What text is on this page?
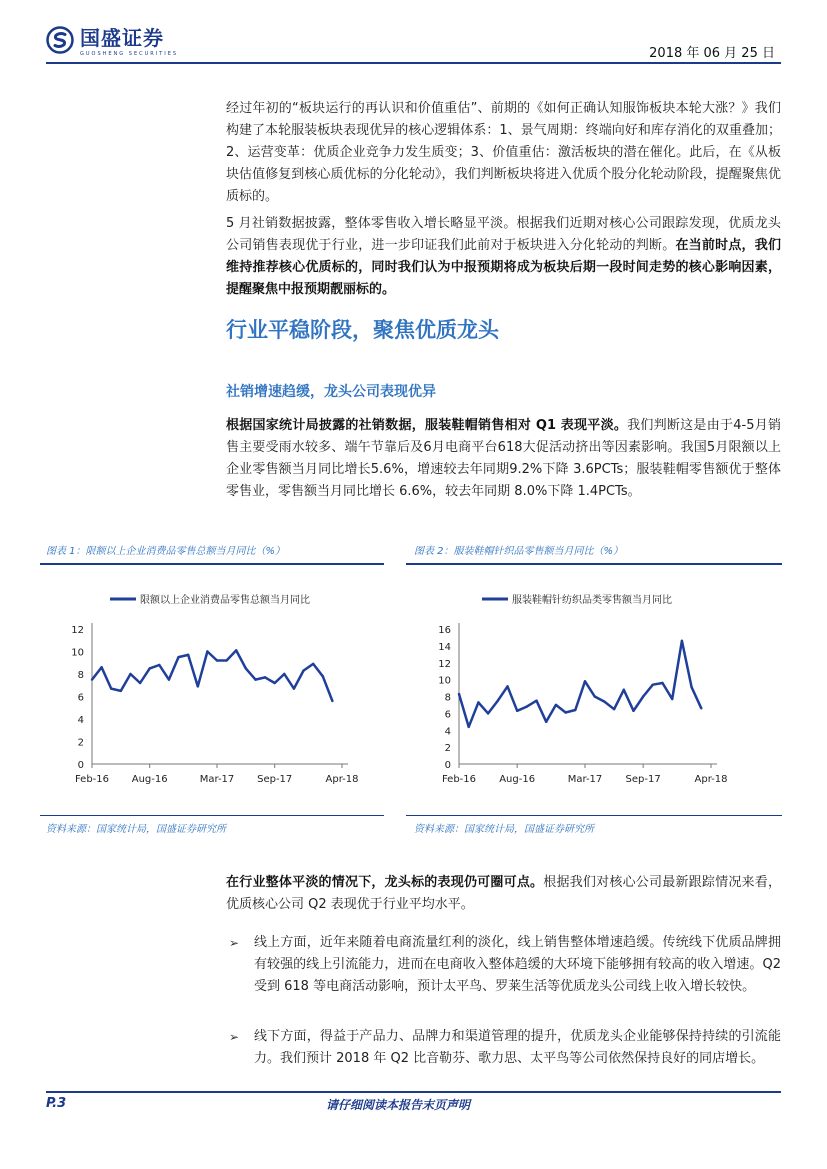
国盛证券
GUOSHENG SECURITIES	2018 年 06 月 25 日
经过年初的“板块运行的再认识和价值重估”、前期的《如何正确认知服饰板块本轮大涨？》我们构建了本轮服装板块表现优异的核心逻辑体系：1、景气周期：终端向好和库存消化的双重叠加；2、运营变革：优质企业竞争力发生质变；3、价值重估：激活板块的潜在催化。此后，在《从板块估值修复到核心质优标的分化轮动》，我们判断板块将进入优质个股分化轮动阶段，提醒聚焦优质标的。
5 月社销数据披露，整体零售收入增长略显平淡。根据我们近期对核心公司跟踪发现，优质龙头公司销售表现优于行业，进一步印证我们此前对于板块进入分化轮动的判断。在当前时点，我们维持推荐核心优质标的，同时我们认为中报预期将成为板块后期一段时间走势的核心影响因素，提醒聚焦中报预期靓丽标的。
行业平稳阶段，聚焦优质龙头
社销增速趋缓，龙头公司表现优异
根据国家统计局披露的社销数据，服装鞋帽销售相对 Q1 表现平淡。我们判断这是由于4-5月销售主要受雨水较多、端午节靠后及6月电商平台618大促活动挤出等因素影响。我国5月限额以上企业零售额当月同比增长5.6%，增速较去年同期9.2%下降 3.6PCTs；服装鞋帽零售额优于整体零售业，零售额当月同比增长 6.6%，较去年同期 8.0%下降 1.4PCTs。
图表 1：限额以上企业消费品零售总额当月同比（%）
限额以上企业消费品零售总额当月同比
0
2
4
6
8
10
12
Feb-16 Aug-16	Mar-17 Sep-17	Apr-18
资料来源：国家统计局，国盛证券研究所
图表 2：服装鞋帽针织品零售额当月同比（%）
服装鞋帽针纺织品类零售额当月同比
0
2
4
6
8
10
12
14
16
Feb-16 Aug-16	Mar-17 Sep-17	Apr-18
资料来源：国家统计局，国盛证券研究所
在行业整体平淡的情况下，龙头标的表现仍可圈可点。根据我们对核心公司最新跟踪情况来看，优质核心公司 Q2 表现优于行业平均水平。
➢ 线上方面，近年来随着电商流量红利的淡化，线上销售整体增速趋缓。传统线下优质品牌拥有较强的线上引流能力，进而在电商收入整体趋缓的大环境下能够拥有较高的收入增速。Q2 受到 618 等电商活动影响，预计太平鸟、罗莱生活等优质龙头公司线上收入增长较快。
➢ 线下方面，得益于产品力、品牌力和渠道管理的提升，优质龙头企业能够保持持续的引流能力。我们预计 2018 年 Q2 比音勒芬、歌力思、太平鸟等公司依然保持良好的同店增长。
P.3	请仔细阅读本报告末页声明
